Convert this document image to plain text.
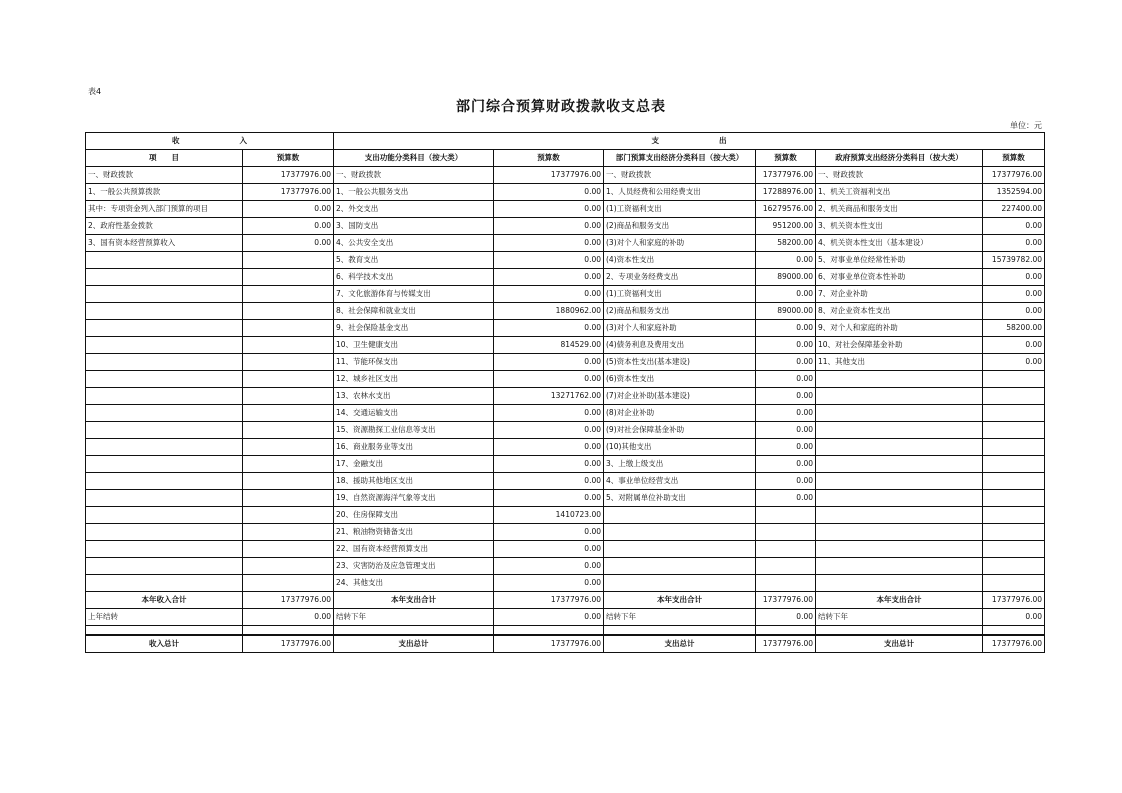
表4
部门综合预算财政拨款收支总表
单位：元
收　　　　　　　　入		支　　　　　　　　出					
项　　目	预算数	支出功能分类科目（按大类）	预算数	部门预算支出经济分类科目（按大类）	预算数	政府预算支出经济分类科目（按大类）	预算数
一、财政拨款	17377976.00	一、财政拨款	17377976.00	一、财政拨款	17377976.00	一、财政拨款	17377976.00
1、一般公共预算拨款	17377976.00	1、一般公共服务支出	0.00	1、人员经费和公用经费支出	17288976.00	1、机关工资福利支出	1352594.00
其中：专项资金列入部门预算的项目	0.00	2、外交支出	0.00	(1)工资福利支出	16279576.00	2、机关商品和服务支出	227400.00
2、政府性基金拨款	0.00	3、国防支出	0.00	(2)商品和服务支出	951200.00	3、机关资本性支出	0.00
3、国有资本经营预算收入	0.00	4、公共安全支出	0.00	(3)对个人和家庭的补助	58200.00	4、机关资本性支出（基本建设）	0.00
		5、教育支出	0.00	(4)资本性支出	0.00	5、对事业单位经常性补助	15739782.00
		6、科学技术支出	0.00	2、专项业务经费支出	89000.00	6、对事业单位资本性补助	0.00
		7、文化旅游体育与传媒支出	0.00	(1)工资福利支出	0.00	7、对企业补助	0.00
		8、社会保障和就业支出	1880962.00	(2)商品和服务支出	89000.00	8、对企业资本性支出	0.00
		9、社会保险基金支出	0.00	(3)对个人和家庭补助	0.00	9、对个人和家庭的补助	58200.00
		10、卫生健康支出	814529.00	(4)债务利息及费用支出	0.00	10、对社会保障基金补助	0.00
		11、节能环保支出	0.00	(5)资本性支出(基本建设)	0.00	11、其他支出	0.00
		12、城乡社区支出	0.00	(6)资本性支出	0.00		
		13、农林水支出	13271762.00	(7)对企业补助(基本建设)	0.00		
		14、交通运输支出	0.00	(8)对企业补助	0.00		
		15、资源勘探工业信息等支出	0.00	(9)对社会保障基金补助	0.00		
		16、商业服务业等支出	0.00	(10)其他支出	0.00		
		17、金融支出	0.00	3、上缴上级支出	0.00		
		18、援助其他地区支出	0.00	4、事业单位经营支出	0.00		
		19、自然资源海洋气象等支出	0.00	5、对附属单位补助支出	0.00		
		20、住房保障支出	1410723.00				
		21、粮油物资储备支出	0.00				
		22、国有资本经营预算支出	0.00				
		23、灾害防治及应急管理支出	0.00				
		24、其他支出	0.00				
本年收入合计	17377976.00	本年支出合计	17377976.00	本年支出合计	17377976.00	本年支出合计	17377976.00
上年结转	0.00	结转下年	0.00	结转下年	0.00	结转下年	0.00

收入总计	17377976.00	支出总计	17377976.00	支出总计	17377976.00	支出总计	17377976.00
